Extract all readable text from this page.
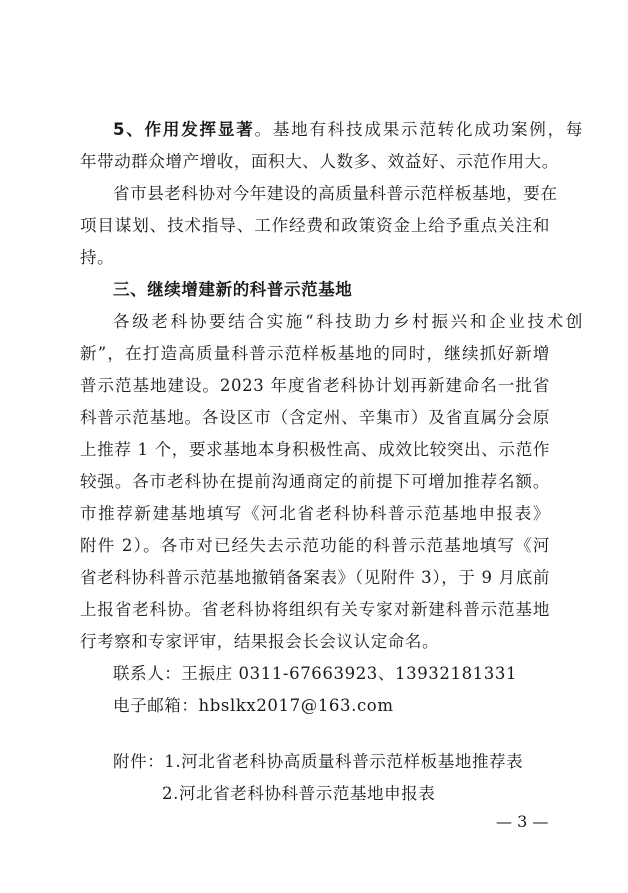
5、作用发挥显著。基地有科技成果示范转化成功案例，每
年带动群众增产增收，面积大、人数多、效益好、示范作用大。
省市县老科协对今年建设的高质量科普示范样板基地，要在
项目谋划、技术指导、工作经费和政策资金上给予重点关注和
持。
三、继续增建新的科普示范基地
各级老科协要结合实施“科技助力乡村振兴和企业技术创
新”，在打造高质量科普示范样板基地的同时，继续抓好新增
普示范基地建设。2023 年度省老科协计划再新建命名一批省
科普示范基地。各设区市（含定州、辛集市）及省直属分会原
上推荐 1 个，要求基地本身积极性高、成效比较突出、示范作
较强。各市老科协在提前沟通商定的前提下可增加推荐名额。
市推荐新建基地填写《河北省老科协科普示范基地申报表》
附件 2）。各市对已经失去示范功能的科普示范基地填写《河
省老科协科普示范基地撤销备案表》（见附件 3），于 9 月底前
上报省老科协。省老科协将组织有关专家对新建科普示范基地
行考察和专家评审，结果报会长会议认定命名。
联系人：王振庄 0311-67663923、13932181331
电子邮箱：hbslkx2017@163.com
附件：1.河北省老科协高质量科普示范样板基地推荐表
2.河北省老科协科普示范基地申报表
— 3 —
